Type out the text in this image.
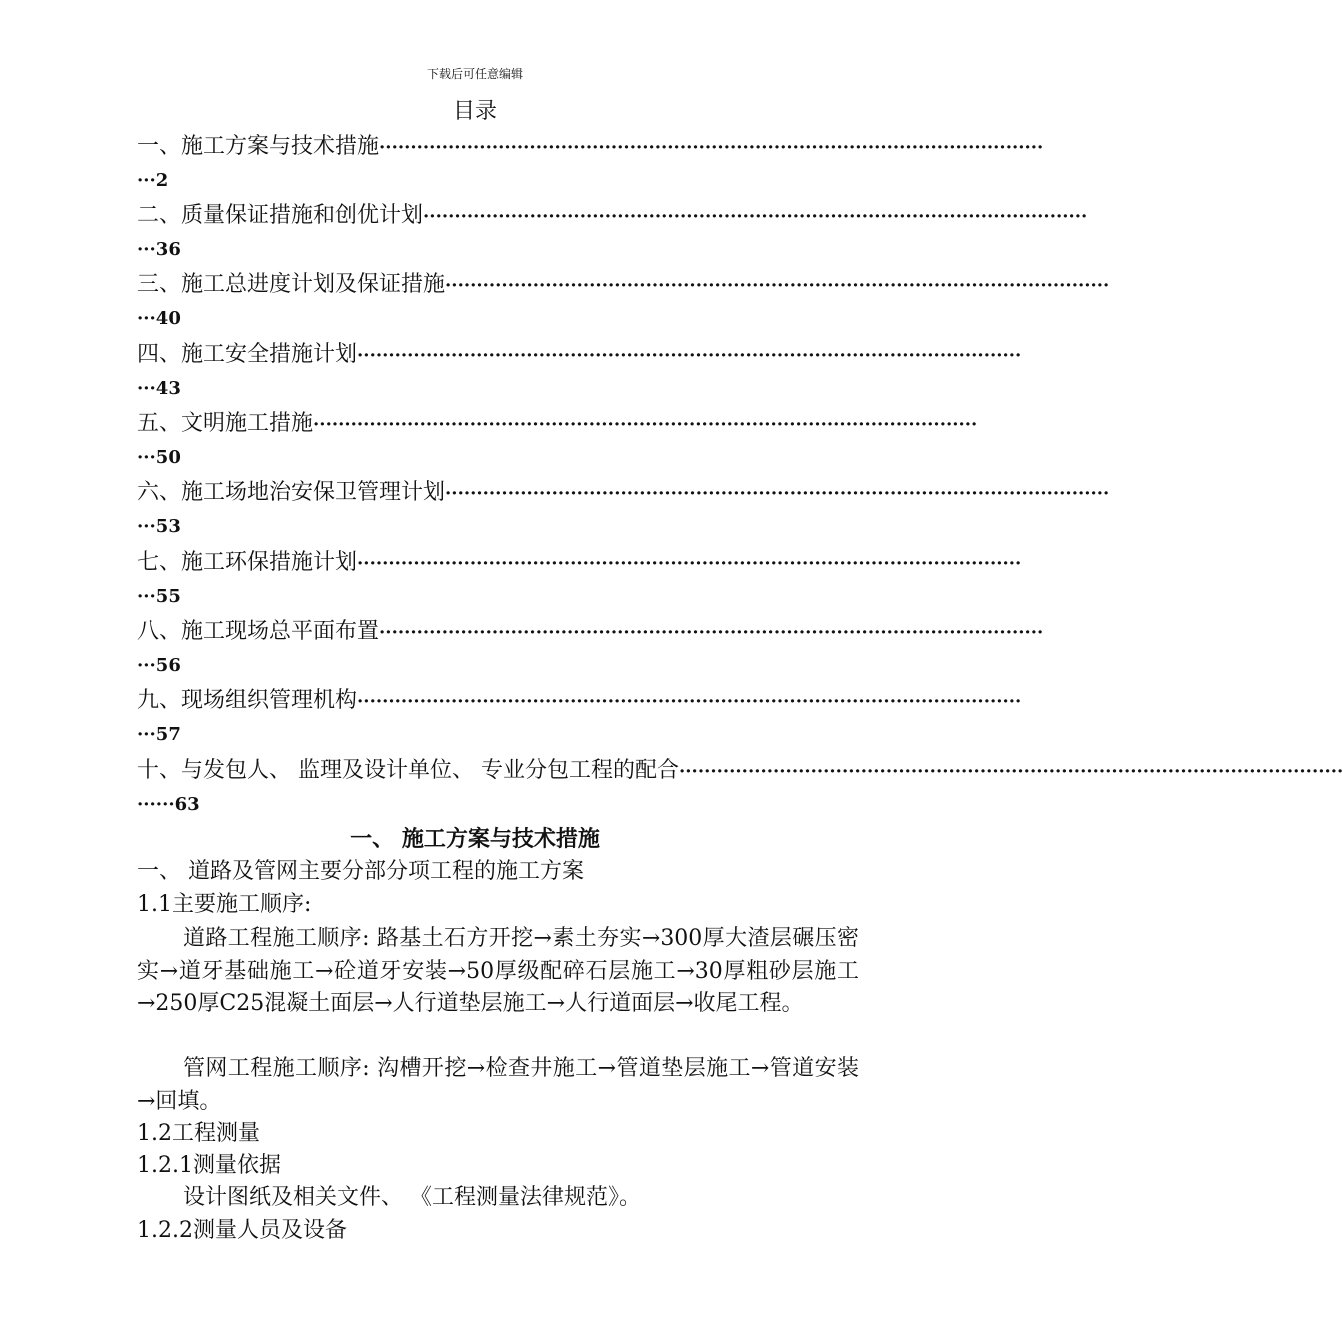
下载后可任意编辑
目录
一、 施工方案与技术措施 ··········································································································
···2
二、 质量保证措施和创优计划 ··········································································································
···36
三、 施工总进度计划及保证措施 ··········································································································
···40
四、 施工安全措施计划 ··········································································································
···43
五、 文明施工措施 ··········································································································
···50
六、 施工场地治安保卫管理计划 ··········································································································
···53
七、 施工环保措施计划 ··········································································································
···55
八、 施工现场总平面布置 ··········································································································
···56
九、 现场组织管理机构 ··········································································································
···57
十、 与发包人、 监理及设计单位、 专业分包工程的配合 ··········································································································
······63
一、 施工方案与技术措施
一、 道路及管网主要分部分项工程的施工方案
1.1主要施工顺序:
道路工程施工顺序: 路基土石方开挖→素土夯实→300厚大渣层碾压密实→道牙基础施工→砼道牙安装→50厚级配碎石层施工→30厚粗砂层施工→250厚C25混凝土面层→人行道垫层施工→人行道面层→收尾工程。
管网工程施工顺序: 沟槽开挖→检查井施工→管道垫层施工→管道安装→回填。
1.2工程测量
1.2.1测量依据
设计图纸及相关文件、 《工程测量法律规范》。
1.2.2测量人员及设备
